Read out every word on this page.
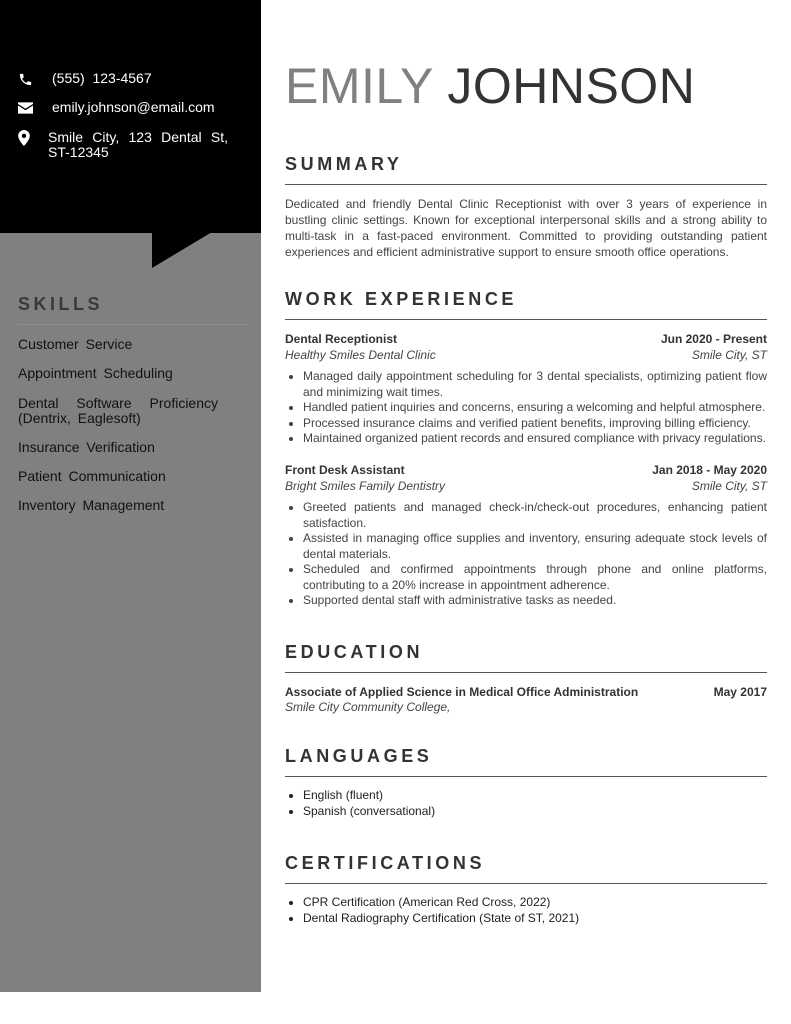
(555)  123-4567
emily.johnson@email.com
Smile City, 123 Dental St, ST-12345
SKILLS
Customer Service
Appointment Scheduling
Dental Software Proficiency (Dentrix, Eaglesoft)
Insurance Verification
Patient Communication
Inventory Management
EMILY JOHNSON
SUMMARY
Dedicated and friendly Dental Clinic Receptionist with over 3 years of experience in bustling clinic settings. Known for exceptional interpersonal skills and a strong ability to multi-task in a fast-paced environment. Committed to providing outstanding patient experiences and efficient administrative support to ensure smooth office operations.
WORK EXPERIENCE
Dental Receptionist	Jun 2020 - Present
Healthy Smiles Dental Clinic	Smile City, ST
• Managed daily appointment scheduling for 3 dental specialists, optimizing patient flow and minimizing wait times.
• Handled patient inquiries and concerns, ensuring a welcoming and helpful atmosphere.
• Processed insurance claims and verified patient benefits, improving billing efficiency.
• Maintained organized patient records and ensured compliance with privacy regulations.
Front Desk Assistant	Jan 2018 - May 2020
Bright Smiles Family Dentistry	Smile City, ST
• Greeted patients and managed check-in/check-out procedures, enhancing patient satisfaction.
• Assisted in managing office supplies and inventory, ensuring adequate stock levels of dental materials.
• Scheduled and confirmed appointments through phone and online platforms, contributing to a 20% increase in appointment adherence.
• Supported dental staff with administrative tasks as needed.
EDUCATION
Associate of Applied Science in Medical Office Administration	May 2017
Smile City Community College,
LANGUAGES
• English (fluent)
• Spanish (conversational)
CERTIFICATIONS
• CPR Certification (American Red Cross, 2022)
• Dental Radiography Certification (State of ST, 2021)
